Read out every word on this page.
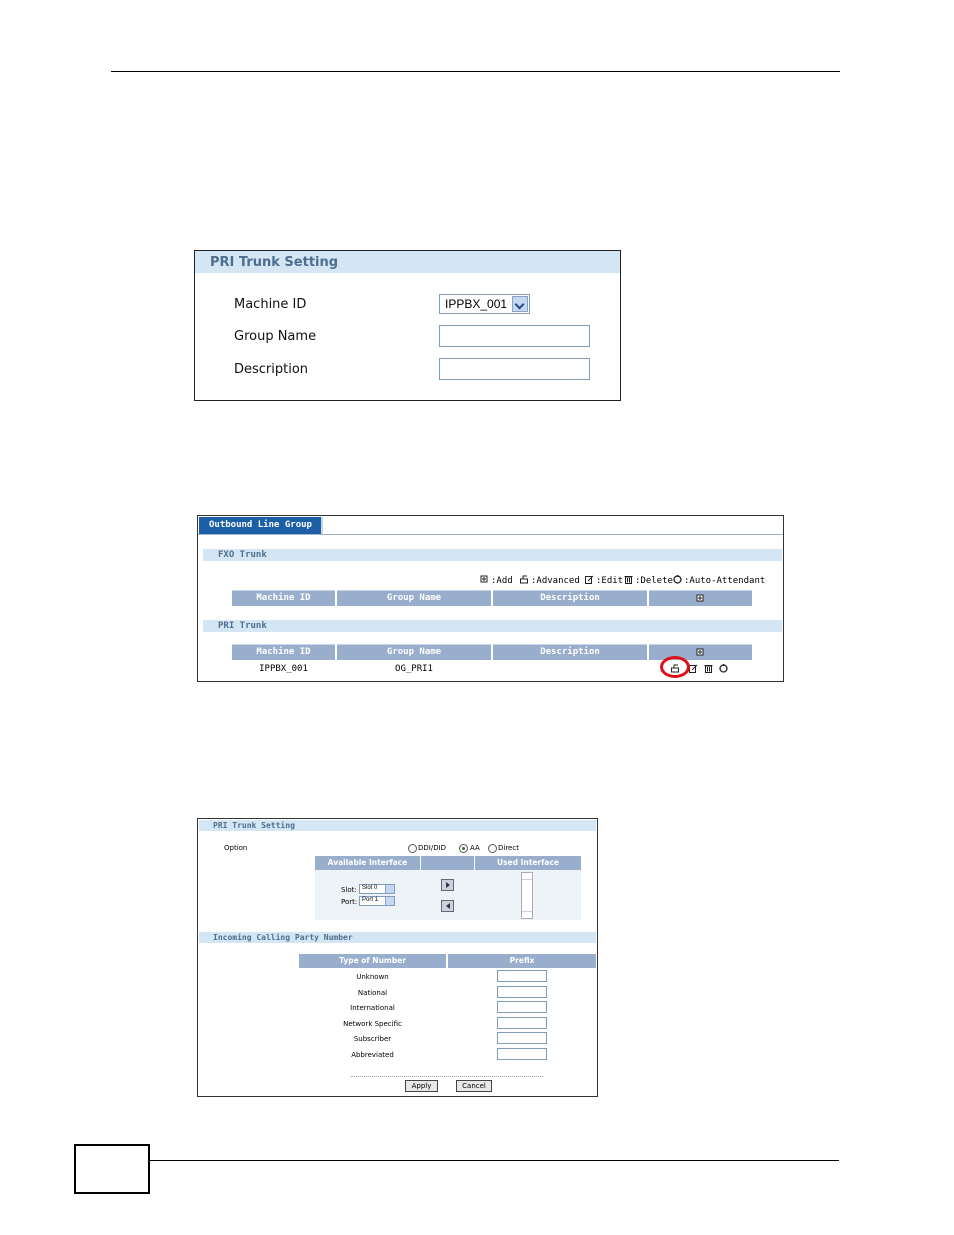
PRI Trunk Setting
Machine ID	IPPBX_001
Group Name
Description
Outbound Line Group
FXO Trunk
:Add :Advanced :Edit :Delete :Auto-Attendant
Machine ID	Group Name	Description
PRI Trunk
Machine ID	Group Name	Description
IPPBX_001	OG_PRI1
PRI Trunk Setting
Option	DDI/DID	AA	Direct
Available Interface	Used Interface
Slot: Slot 0
Port: Port 1
Incoming Calling Party Number
Type of Number	Prefix
Unknown
National
International
Network Specific
Subscriber
Abbreviated
Apply	Cancel
